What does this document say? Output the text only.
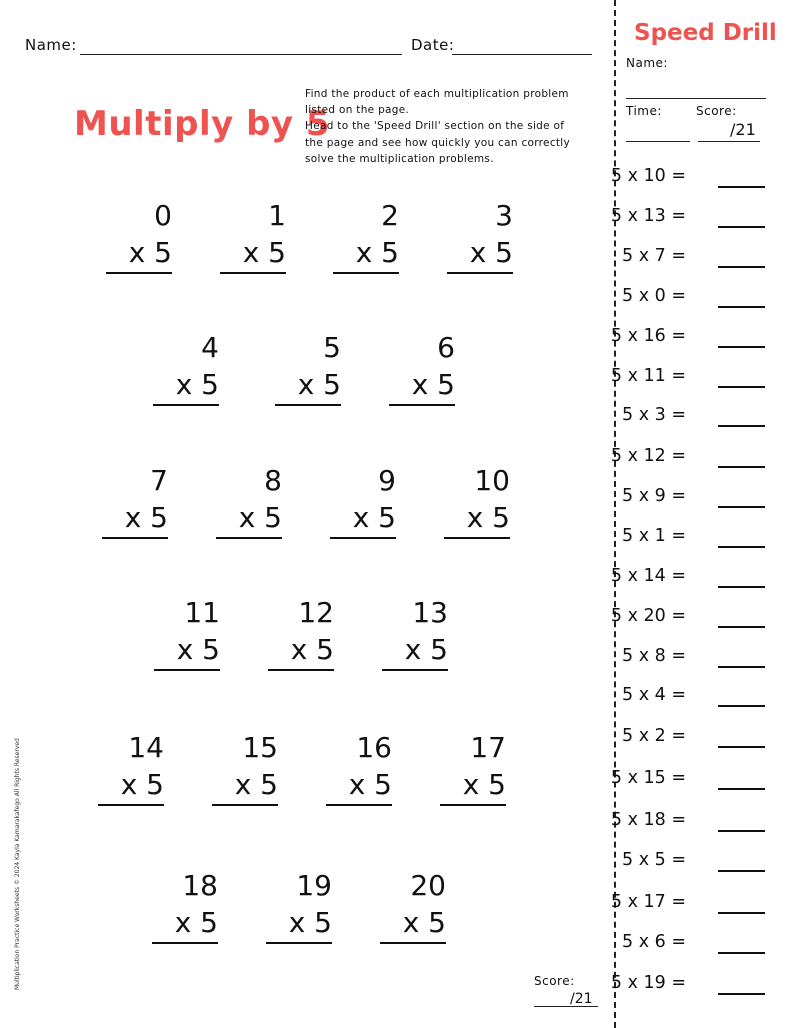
Name:	Date:
Multiply by 5
Find the product of each multiplication problem
listed on the page.
Head to the 'Speed Drill' section on the side of
the page and see how quickly you can correctly
solve the multiplication problems.
0
x 5
1
x 5
2
x 5
3
x 5
4
x 5
5
x 5
6
x 5
7
x 5
8
x 5
9
x 5
10
x 5
11
x 5
12
x 5
13
x 5
14
x 5
15
x 5
16
x 5
17
x 5
18
x 5
19
x 5
20
x 5
Score:
/21
Multiplication Practice Worksheets © 2024 Kayla Kamarakafego All Rights Reserved
Speed Drill
Name:
Time:	Score:
/21
5 x 10 =
5 x 13 =
5 x 7 =
5 x 0 =
5 x 16 =
5 x 11 =
5 x 3 =
5 x 12 =
5 x 9 =
5 x 1 =
5 x 14 =
5 x 20 =
5 x 8 =
5 x 4 =
5 x 2 =
5 x 15 =
5 x 18 =
5 x 5 =
5 x 17 =
5 x 6 =
5 x 19 =
